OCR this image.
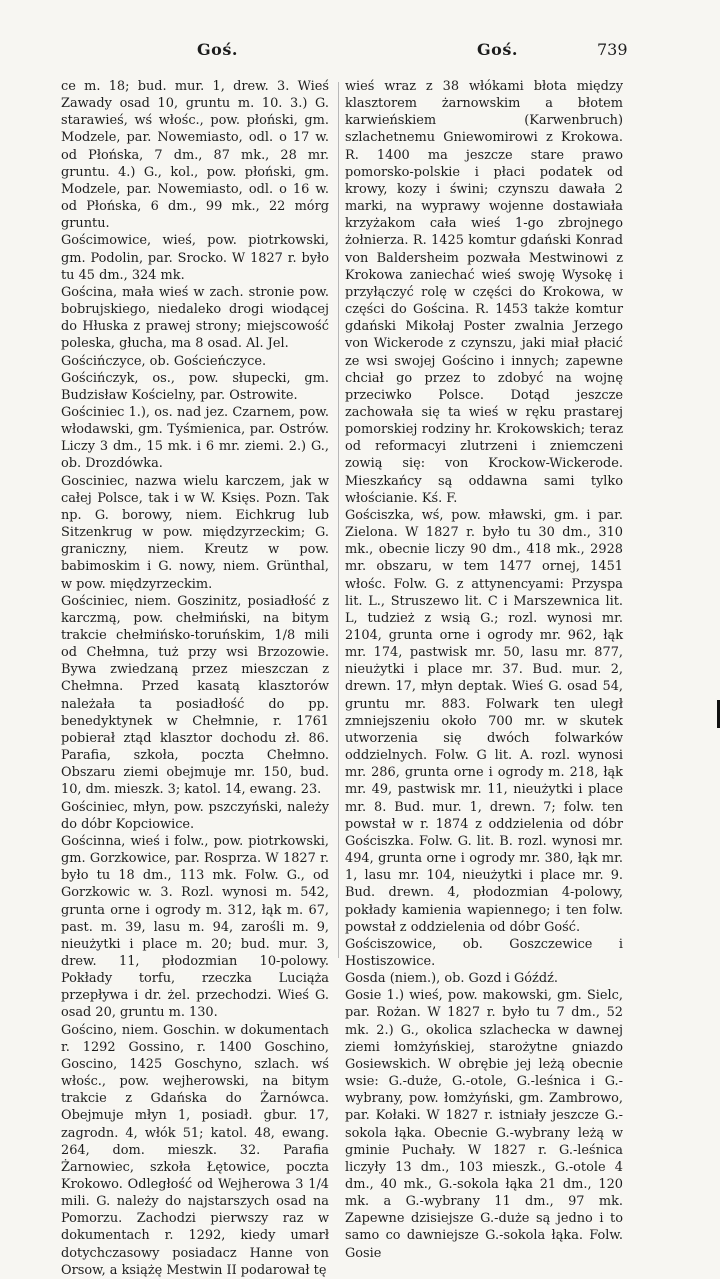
Goś.	Goś.	739

ce m. 18; bud. mur. 1, drew. 3. Wieś Zawady osad 10, gruntu m. 10. 3.) G. starawieś, wś włośc., pow. płoński, gm. Modzele, par. Nowemiasto, odl. o 17 w. od Płońska, 7 dm., 87 mk., 28 mr. gruntu. 4.) G., kol., pow. płoński, gm. Modzele, par. Nowemiasto, odl. o 16 w. od Płońska, 6 dm., 99 mk., 22 mórg gruntu.

Gościmowice, wieś, pow. piotrkowski, gm. Podolin, par. Srocko. W 1827 r. było tu 45 dm., 324 mk.

Gościna, mała wieś w zach. stronie pow. bobrujskiego, niedaleko drogi wiodącej do Hłuska z prawej strony; miejscowość poleska, głucha, ma 8 osad. Al. Jel.

Gościńczyce, ob. Gościeńczyce.

Gościńczyk, os., pow. słupecki, gm. Budzisław Kościelny, par. Ostrowite.

Gościniec 1.), os. nad jez. Czarnem, pow. włodawski, gm. Tyśmienica, par. Ostrów. Liczy 3 dm., 15 mk. i 6 mr. ziemi. 2.) G., ob. Drozdówka.

Gosciniec, nazwa wielu karczem, jak w całej Polsce, tak i w W. Księs. Pozn. Tak np. G. borowy, niem. Eichkrug lub Sitzenkrug w pow. międzyrzeckim; G. graniczny, niem. Kreutz w pow. babimoskim i G. nowy, niem. Grünthal, w pow. międzyrzeckim.

Gościniec, niem. Goszinitz, posiadłość z karczmą, pow. chełmiński, na bitym trakcie chełmińsko-toruńskim, 1/8 mili od Chełmna, tuż przy wsi Brzozowie. Bywa zwiedzaną przez mieszczan z Chełmna. Przed kasatą klasztorów należała ta posiadłość do pp. benedyktynek w Chełmnie, r. 1761 pobierał ztąd klasztor dochodu zł. 86. Parafia, szkoła, poczta Chełmno. Obszaru ziemi obejmuje mr. 150, bud. 10, dm. mieszk. 3; katol. 14, ewang. 23.

Gościniec, młyn, pow. pszczyński, należy do dóbr Kopciowice.

Gościnna, wieś i folw., pow. piotrkowski, gm. Gorzkowice, par. Rosprza. W 1827 r. było tu 18 dm., 113 mk. Folw. G., od Gorzkowic w. 3. Rozl. wynosi m. 542, grunta orne i ogrody m. 312, łąk m. 67, past. m. 39, lasu m. 94, zarośli m. 9, nieużytki i place m. 20; bud. mur. 3, drew. 11, płodozmian 10-polowy. Pokłady torfu, rzeczka Luciąża przepływa i dr. żel. przechodzi. Wieś G. osad 20, gruntu m. 130.

Gościno, niem. Goschin. w dokumentach r. 1292 Gossino, r. 1400 Goschino, Goscino, 1425 Goschyno, szlach. wś włośc., pow. wejherowski, na bitym trakcie z Gdańska do Żarnówca. Obejmuje młyn 1, posiadł. gbur. 17, zagrodn. 4, włók 51; katol. 48, ewang. 264, dom. mieszk. 32. Parafia Żarnowiec, szkoła Łętowice, poczta Krokowo. Odległość od Wejherowa 3 1/4 mili. G. należy do najstarszych osad na Pomorzu. Zachodzi pierwszy raz w dokumentach r. 1292, kiedy umarł dotychczasowy posiadacz Hanne von Orsow, a książę Mestwin II podarował tę

wieś wraz z 38 włókami błota między klasztorem żarnowskim a błotem karwieńskiem (Karwenbruch) szlachetnemu Gniewomirowi z Krokowa. R. 1400 ma jeszcze stare prawo pomorsko-polskie i płaci podatek od krowy, kozy i świni; czynszu dawała 2 marki, na wyprawy wojenne dostawiała krzyżakom cała wieś 1-go zbrojnego żołnierza. R. 1425 komtur gdański Konrad von Baldersheim pozwała Mestwinowi z Krokowa zaniechać wieś swoję Wysokę i przyłączyć rolę w części do Krokowa, w części do Gościna. R. 1453 także komtur gdański Mikołaj Poster zwalnia Jerzego von Wickerode z czynszu, jaki miał płacić ze wsi swojej Gościno i innych; zapewne chciał go przez to zdobyć na wojnę przeciwko Polsce. Dotąd jeszcze zachowała się ta wieś w ręku prastarej pomorskiej rodziny hr. Krokowskich; teraz od reformacyi zlutrzeni i zniemczeni zowią się: von Krockow-Wickerode. Mieszkańcy są oddawna sami tylko włościanie. Kś. F.

Gościszka, wś, pow. mławski, gm. i par. Zielona. W 1827 r. było tu 30 dm., 310 mk., obecnie liczy 90 dm., 418 mk., 2928 mr. obszaru, w tem 1477 ornej, 1451 włośc. Folw. G. z attynencyami: Przyspa lit. L., Struszewo lit. C i Marszewnica lit. L, tudzież z wsią G.; rozl. wynosi mr. 2104, grunta orne i ogrody mr. 962, łąk mr. 174, pastwisk mr. 50, lasu mr. 877, nieużytki i place mr. 37. Bud. mur. 2, drewn. 17, młyn deptak. Wieś G. osad 54, gruntu mr. 883. Folwark ten uległ zmniejszeniu około 700 mr. w skutek utworzenia się dwóch folwarków oddzielnych. Folw. G lit. A. rozl. wynosi mr. 286, grunta orne i ogrody m. 218, łąk mr. 49, pastwisk mr. 11, nieużytki i place mr. 8. Bud. mur. 1, drewn. 7; folw. ten powstał w r. 1874 z oddzielenia od dóbr Gościszka. Folw. G. lit. B. rozl. wynosi mr. 494, grunta orne i ogrody mr. 380, łąk mr. 1, lasu mr. 104, nieużytki i place mr. 9. Bud. drewn. 4, płodozmian 4-polowy, pokłady kamienia wapiennego; i ten folw. powstał z oddzielenia od dóbr Gość.

Gościszowice, ob. Goszczewice i Hostiszowice.

Gosda (niem.), ob. Gozd i Góźdź.

Gosie 1.) wieś, pow. makowski, gm. Sielc, par. Rożan. W 1827 r. było tu 7 dm., 52 mk. 2.) G., okolica szlachecka w dawnej ziemi łomżyńskiej, starożytne gniazdo Gosiewskich. W obrębie jej leżą obecnie wsie: G.-duże, G.-otole, G.-leśnica i G.-wybrany, pow. łomżyński, gm. Zambrowo, par. Kołaki. W 1827 r. istniały jeszcze G.-sokola łąka. Obecnie G.-wybrany leżą w gminie Puchały. W 1827 r. G.-leśnica liczyły 13 dm., 103 mieszk., G.-otole 4 dm., 40 mk., G.-sokola łąka 21 dm., 120 mk. a G.-wybrany 11 dm., 97 mk. Zapewne dzisiejsze G.-duże są jedno i to samo co dawniejsze G.-sokola łąka. Folw. Gosie
